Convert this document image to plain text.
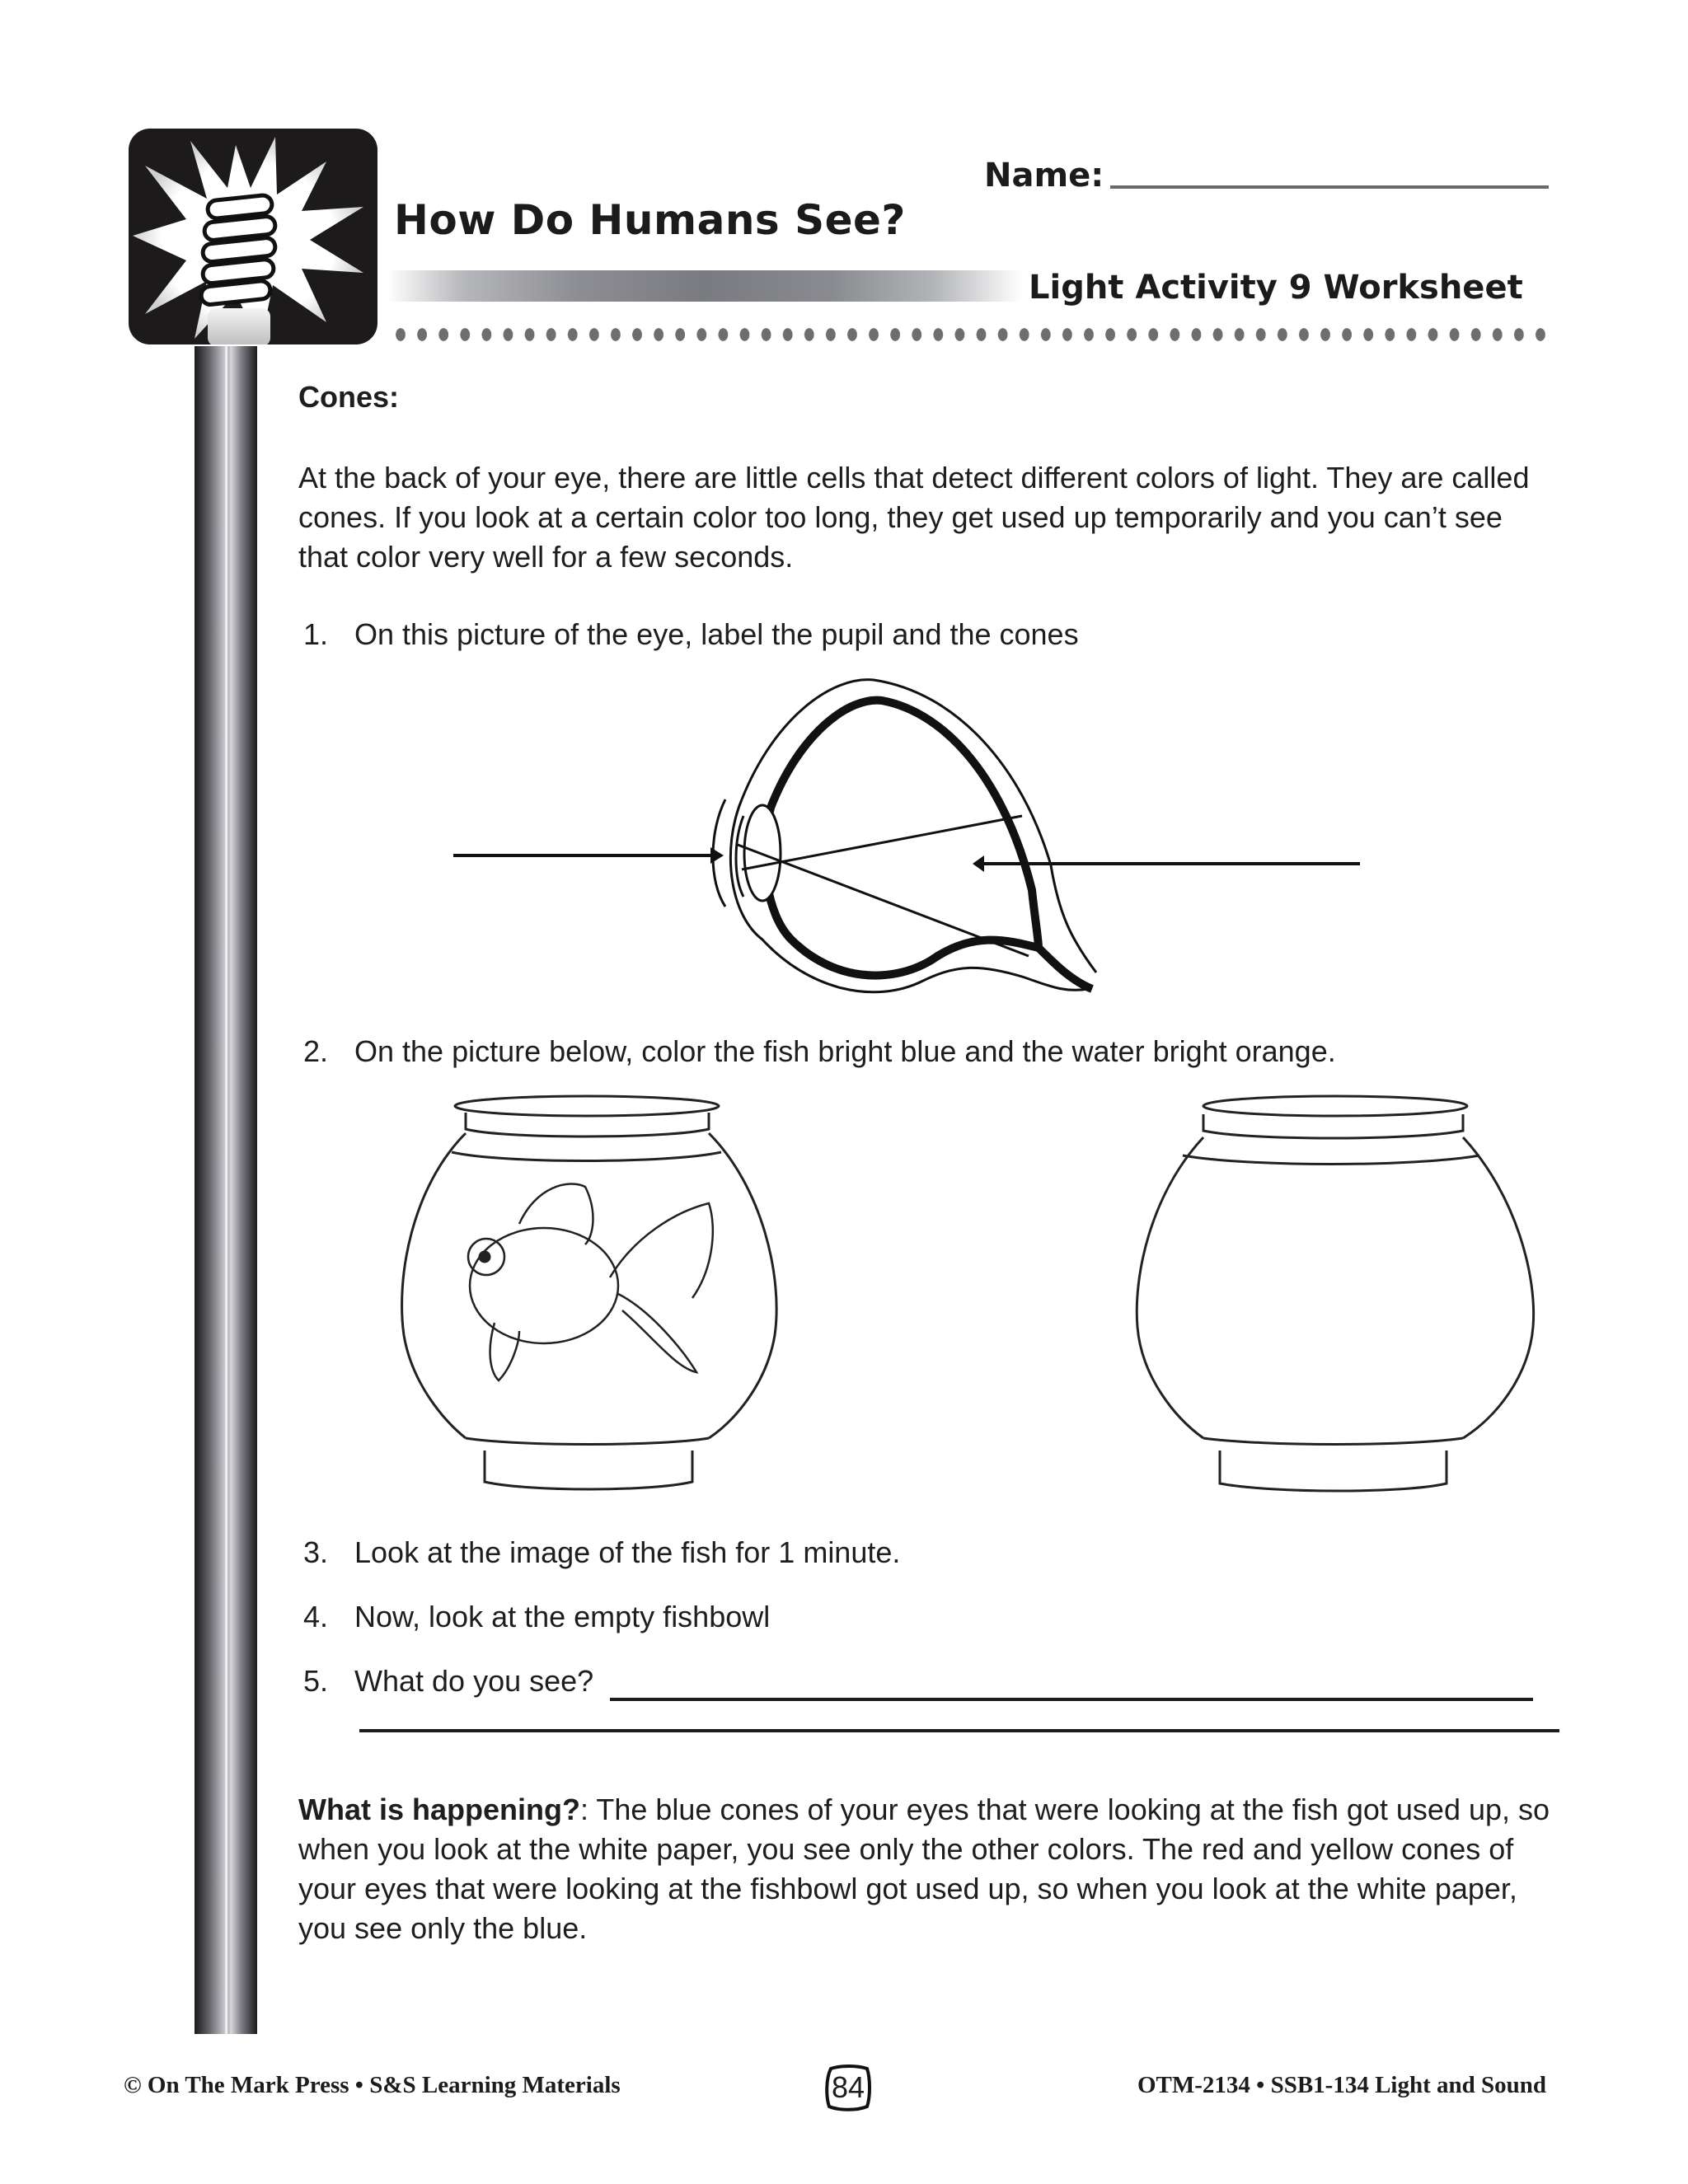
Name:
How Do Humans See?
Light Activity 9 Worksheet
Cones:
At the back of your eye, there are little cells that detect different colors of light. They are called cones. If you look at a certain color too long, they get used up temporarily and you can’t see that color very well for a few seconds.
1. On this picture of the eye, label the pupil and the cones
2. On the picture below, color the fish bright blue and the water bright orange.
3. Look at the image of the fish for 1 minute.
4. Now, look at the empty fishbowl
5. What do you see?
What is happening?: The blue cones of your eyes that were looking at the fish got used up, so when you look at the white paper, you see only the other colors. The red and yellow cones of your eyes that were looking at the fishbowl got used up, so when you look at the white paper, you see only the blue.
© On The Mark Press • S&S Learning Materials	84	OTM-2134 • SSB1-134 Light and Sound
